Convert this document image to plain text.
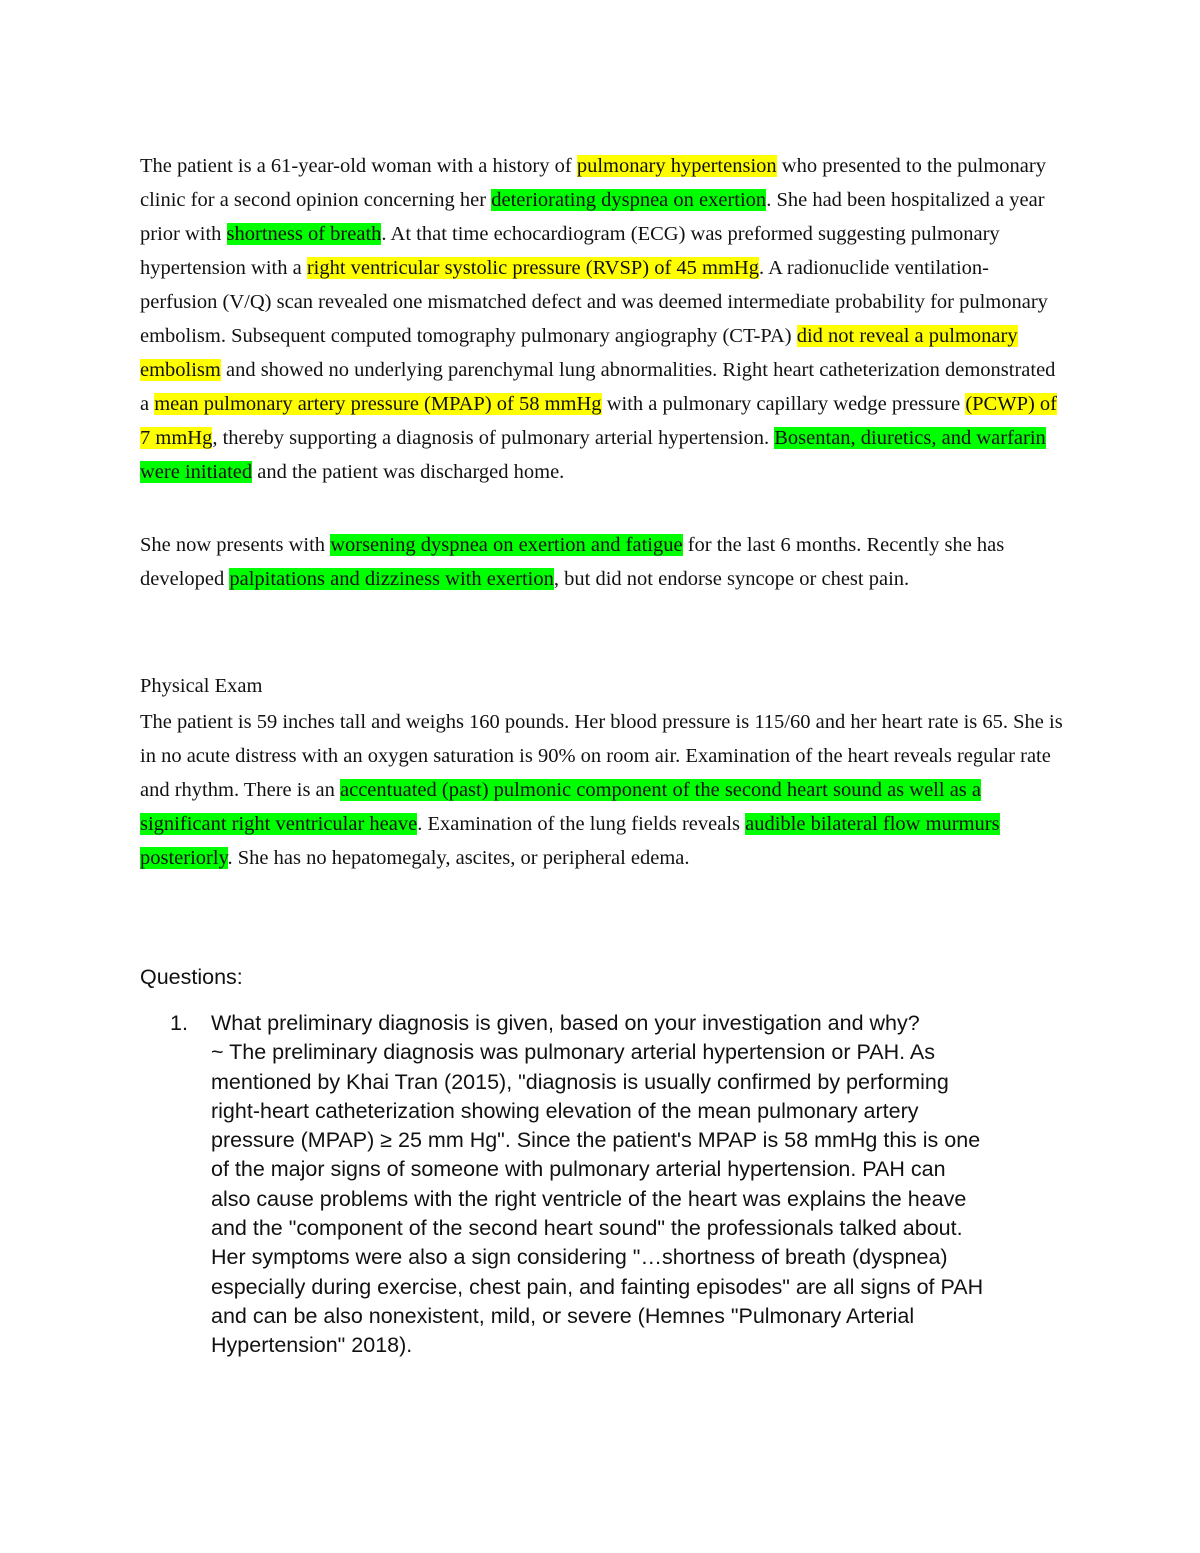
The patient is a 61-year-old woman with a history of pulmonary hypertension who presented to the pulmonary clinic for a second opinion concerning her deteriorating dyspnea on exertion. She had been hospitalized a year prior with shortness of breath. At that time echocardiogram (ECG) was preformed suggesting pulmonary hypertension with a right ventricular systolic pressure (RVSP) of 45 mmHg. A radionuclide ventilation-perfusion (V/Q) scan revealed one mismatched defect and was deemed intermediate probability for pulmonary embolism. Subsequent computed tomography pulmonary angiography (CT-PA) did not reveal a pulmonary embolism and showed no underlying parenchymal lung abnormalities. Right heart catheterization demonstrated a mean pulmonary artery pressure (MPAP) of 58 mmHg with a pulmonary capillary wedge pressure (PCWP) of 7 mmHg, thereby supporting a diagnosis of pulmonary arterial hypertension. Bosentan, diuretics, and warfarin were initiated and the patient was discharged home.

She now presents with worsening dyspnea on exertion and fatigue for the last 6 months. Recently she has developed palpitations and dizziness with exertion, but did not endorse syncope or chest pain.

Physical Exam

The patient is 59 inches tall and weighs 160 pounds. Her blood pressure is 115/60 and her heart rate is 65. She is in no acute distress with an oxygen saturation is 90% on room air. Examination of the heart reveals regular rate and rhythm. There is an accentuated (past) pulmonic component of the second heart sound as well as a significant right ventricular heave. Examination of the lung fields reveals audible bilateral flow murmurs posteriorly. She has no hepatomegaly, ascites, or peripheral edema.

Questions:
1. What preliminary diagnosis is given, based on your investigation and why?
~ The preliminary diagnosis was pulmonary arterial hypertension or PAH. As
mentioned by Khai Tran (2015), "diagnosis is usually confirmed by performing
right-heart catheterization showing elevation of the mean pulmonary artery
pressure (MPAP) ≥ 25 mm Hg". Since the patient's MPAP is 58 mmHg this is one
of the major signs of someone with pulmonary arterial hypertension. PAH can
also cause problems with the right ventricle of the heart was explains the heave
and the "component of the second heart sound" the professionals talked about.
Her symptoms were also a sign considering "…shortness of breath (dyspnea)
especially during exercise, chest pain, and fainting episodes" are all signs of PAH
and can be also nonexistent, mild, or severe (Hemnes "Pulmonary Arterial
Hypertension" 2018).
